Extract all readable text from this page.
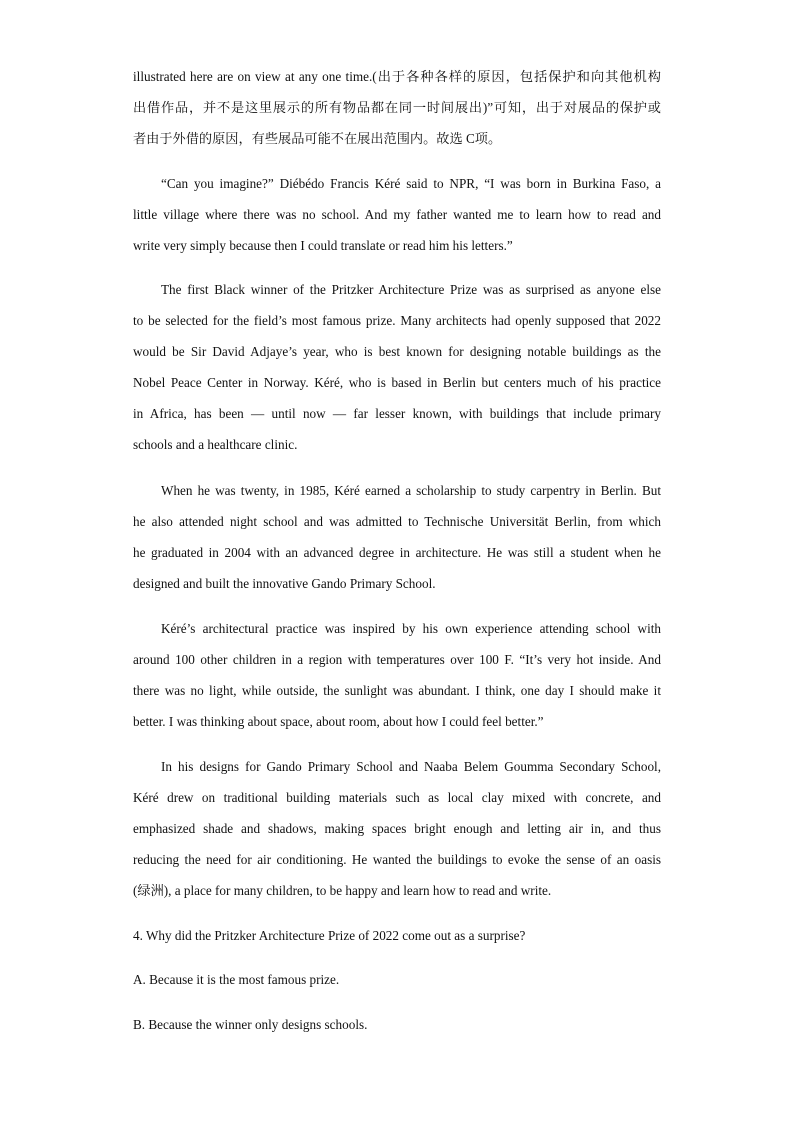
illustrated here are on view at any one time.(出于各种各样的原因，包括保护和向其他机构
出借作品，并不是这里展示的所有物品都在同一时间展出)”可知，出于对展品的保护或
者由于外借的原因，有些展品可能不在展出范围内。故选 C项。
“Can you imagine?” Diébédo Francis Kéré said to NPR, “I was born in Burkina Faso, a
little village where there was no school. And my father wanted me to learn how to read and
write very simply because then I could translate or read him his letters.”
The first Black winner of the Pritzker Architecture Prize was as surprised as anyone else
to be selected for the field’s most famous prize. Many architects had openly supposed that 2022
would be Sir David Adjaye’s year, who is best known for designing notable buildings as the
Nobel Peace Center in Norway. Kéré, who is based in Berlin but centers much of his practice
in Africa, has been — until now — far lesser known, with buildings that include primary
schools and a healthcare clinic.
When he was twenty, in 1985, Kéré earned a scholarship to study carpentry in Berlin. But
he also attended night school and was admitted to Technische Universität Berlin, from which
he graduated in 2004 with an advanced degree in architecture. He was still a student when he
designed and built the innovative Gando Primary School.
Kéré’s architectural practice was inspired by his own experience attending school with
around 100 other children in a region with temperatures over 100 F. “It’s very hot inside. And
there was no light, while outside, the sunlight was abundant. I think, one day I should make it
better. I was thinking about space, about room, about how I could feel better.”
In his designs for Gando Primary School and Naaba Belem Goumma Secondary School,
Kéré drew on traditional building materials such as local clay mixed with concrete, and
emphasized shade and shadows, making spaces bright enough and letting air in, and thus
reducing the need for air conditioning. He wanted the buildings to evoke the sense of an oasis
(绿洲), a place for many children, to be happy and learn how to read and write.

4. Why did the Pritzker Architecture Prize of 2022 come out as a surprise?

A. Because it is the most famous prize.

B. Because the winner only designs schools.
